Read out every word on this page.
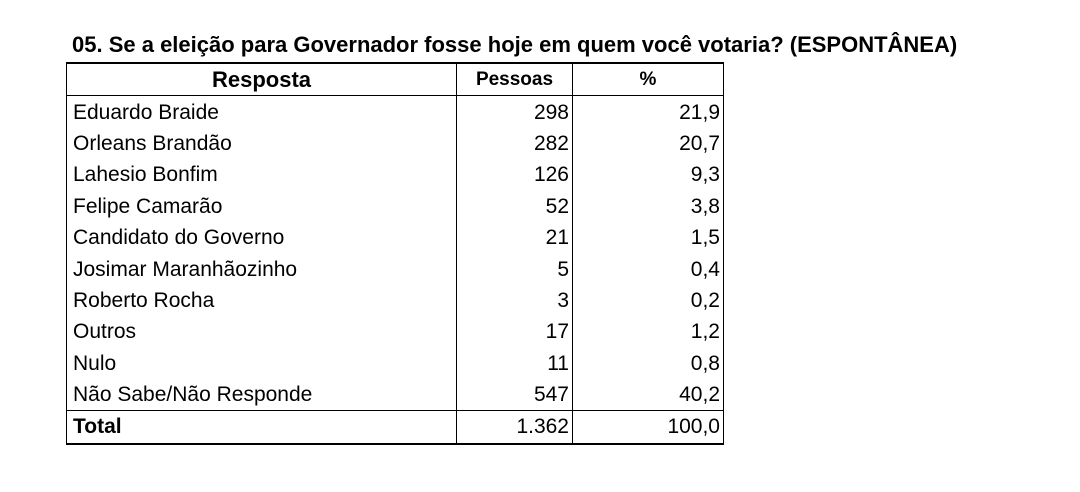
05. Se a eleição para Governador fosse hoje em quem você votaria? (ESPONTÂNEA)
Resposta	Pessoas	%
Eduardo Braide	298	21,9
Orleans Brandão	282	20,7
Lahesio Bonfim	126	9,3
Felipe Camarão	52	3,8
Candidato do Governo	21	1,5
Josimar Maranhãozinho	5	0,4
Roberto Rocha	3	0,2
Outros	17	1,2
Nulo	11	0,8
Não Sabe/Não Responde	547	40,2
Total	1.362	100,0
